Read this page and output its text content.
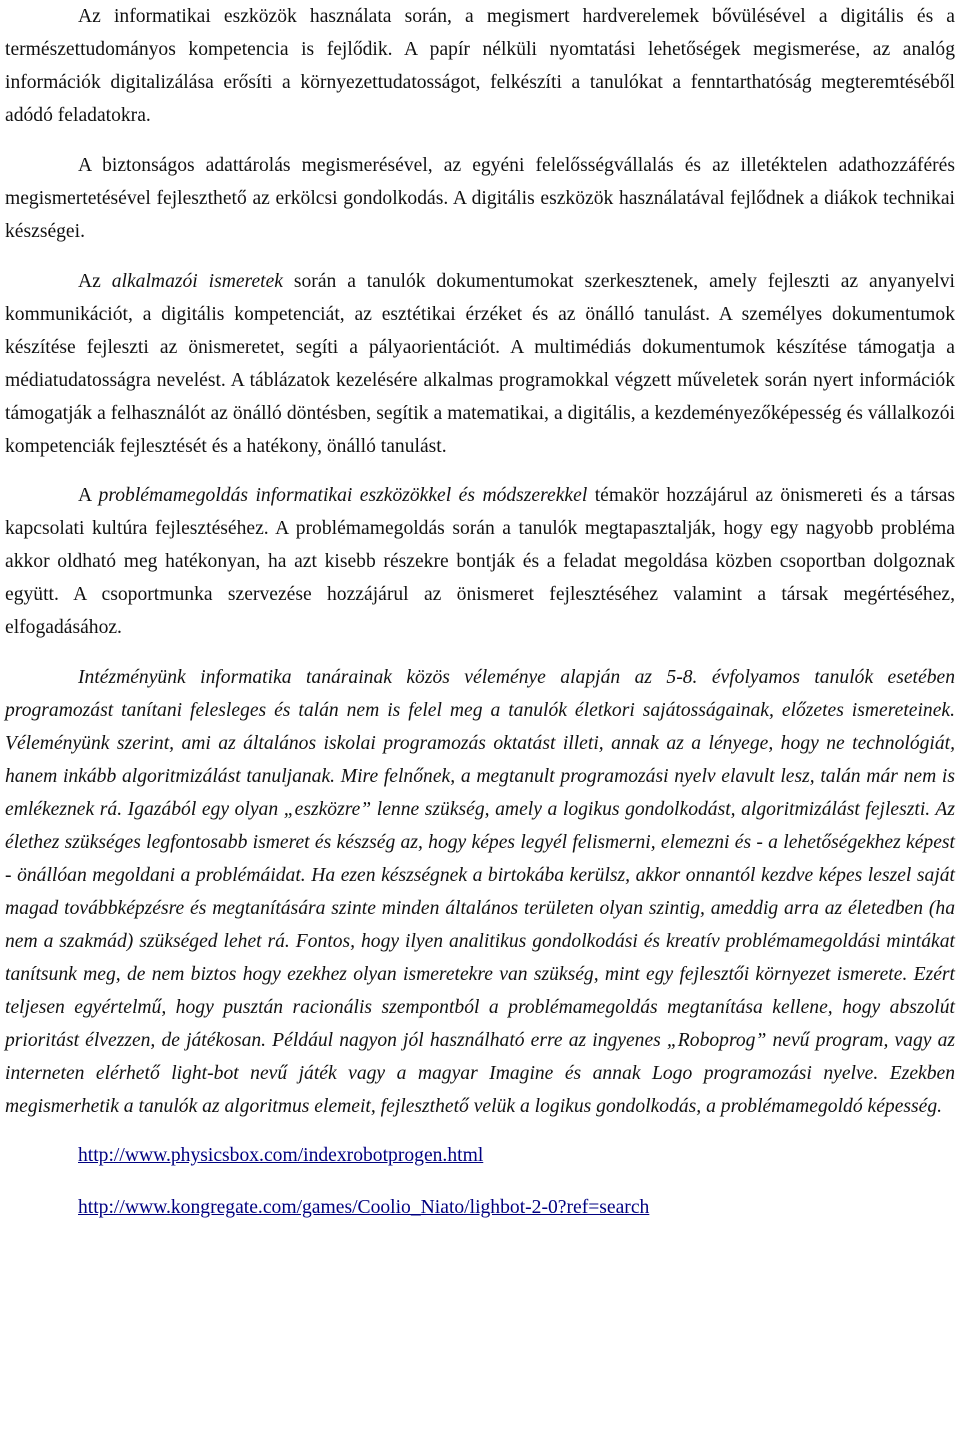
Az informatikai eszközök használata során, a megismert hardverelemek bővülésével a digitális és a természettudományos kompetencia is fejlődik. A papír nélküli nyomtatási lehetőségek megismerése, az analóg információk digitalizálása erősíti a környezettudatosságot, felkészíti a tanulókat a fenntarthatóság megteremtéséből adódó feladatokra.

A biztonságos adattárolás megismerésével, az egyéni felelősségvállalás és az illetéktelen adathozzáférés megismertetésével fejleszthető az erkölcsi gondolkodás. A digitális eszközök használatával fejlődnek a diákok technikai készségei.

Az alkalmazói ismeretek során a tanulók dokumentumokat szerkesztenek, amely fejleszti az anyanyelvi kommunikációt, a digitális kompetenciát, az esztétikai érzéket és az önálló tanulást. A személyes dokumentumok készítése fejleszti az önismeretet, segíti a pályaorientációt. A multimédiás dokumentumok készítése támogatja a médiatudatosságra nevelést. A táblázatok kezelésére alkalmas programokkal végzett műveletek során nyert információk támogatják a felhasználót az önálló döntésben, segítik a matematikai, a digitális, a kezdeményezőképesség és vállalkozói kompetenciák fejlesztését és a hatékony, önálló tanulást.

A problémamegoldás informatikai eszközökkel és módszerekkel témakör hozzájárul az önismereti és a társas kapcsolati kultúra fejlesztéséhez. A problémamegoldás során a tanulók megtapasztalják, hogy egy nagyobb probléma akkor oldható meg hatékonyan, ha azt kisebb részekre bontják és a feladat megoldása közben csoportban dolgoznak együtt. A csoportmunka szervezése hozzájárul az önismeret fejlesztéséhez valamint a társak megértéséhez, elfogadásához.

Intézményünk informatika tanárainak közös véleménye alapján az 5-8. évfolyamos tanulók esetében programozást tanítani felesleges és talán nem is felel meg a tanulók életkori sajátosságainak, előzetes ismereteinek. Véleményünk szerint, ami az általános iskolai programozás oktatást illeti, annak az a lényege, hogy ne technológiát, hanem inkább algoritmizálást tanuljanak. Mire felnőnek, a megtanult programozási nyelv elavult lesz, talán már nem is emlékeznek rá. Igazából egy olyan „eszközre” lenne szükség, amely a logikus gondolkodást, algoritmizálást fejleszti. Az élethez szükséges legfontosabb ismeret és készség az, hogy képes legyél felismerni, elemezni és - a lehetőségekhez képest - önállóan megoldani a problémáidat. Ha ezen készségnek a birtokába kerülsz, akkor onnantól kezdve képes leszel saját magad továbbképzésre és megtanítására szinte minden általános területen olyan szintig, ameddig arra az életedben (ha nem a szakmád) szükséged lehet rá. Fontos, hogy ilyen analitikus gondolkodási és kreatív problémamegoldási mintákat tanítsunk meg, de nem biztos hogy ezekhez olyan ismeretekre van szükség, mint egy fejlesztői környezet ismerete. Ezért teljesen egyértelmű, hogy pusztán racionális szempontból a problémamegoldás megtanítása kellene, hogy abszolút prioritást élvezzen, de játékosan. Például nagyon jól használható erre az ingyenes „Roboprog” nevű program, vagy az interneten elérhető light-bot nevű játék vagy a magyar Imagine és annak Logo programozási nyelve. Ezekben megismerhetik a tanulók az algoritmus elemeit, fejleszthető velük a logikus gondolkodás, a problémamegoldó képesség.

http://www.physicsbox.com/indexrobotprogen.html
http://www.kongregate.com/games/Coolio_Niato/lighbot-2-0?ref=search
